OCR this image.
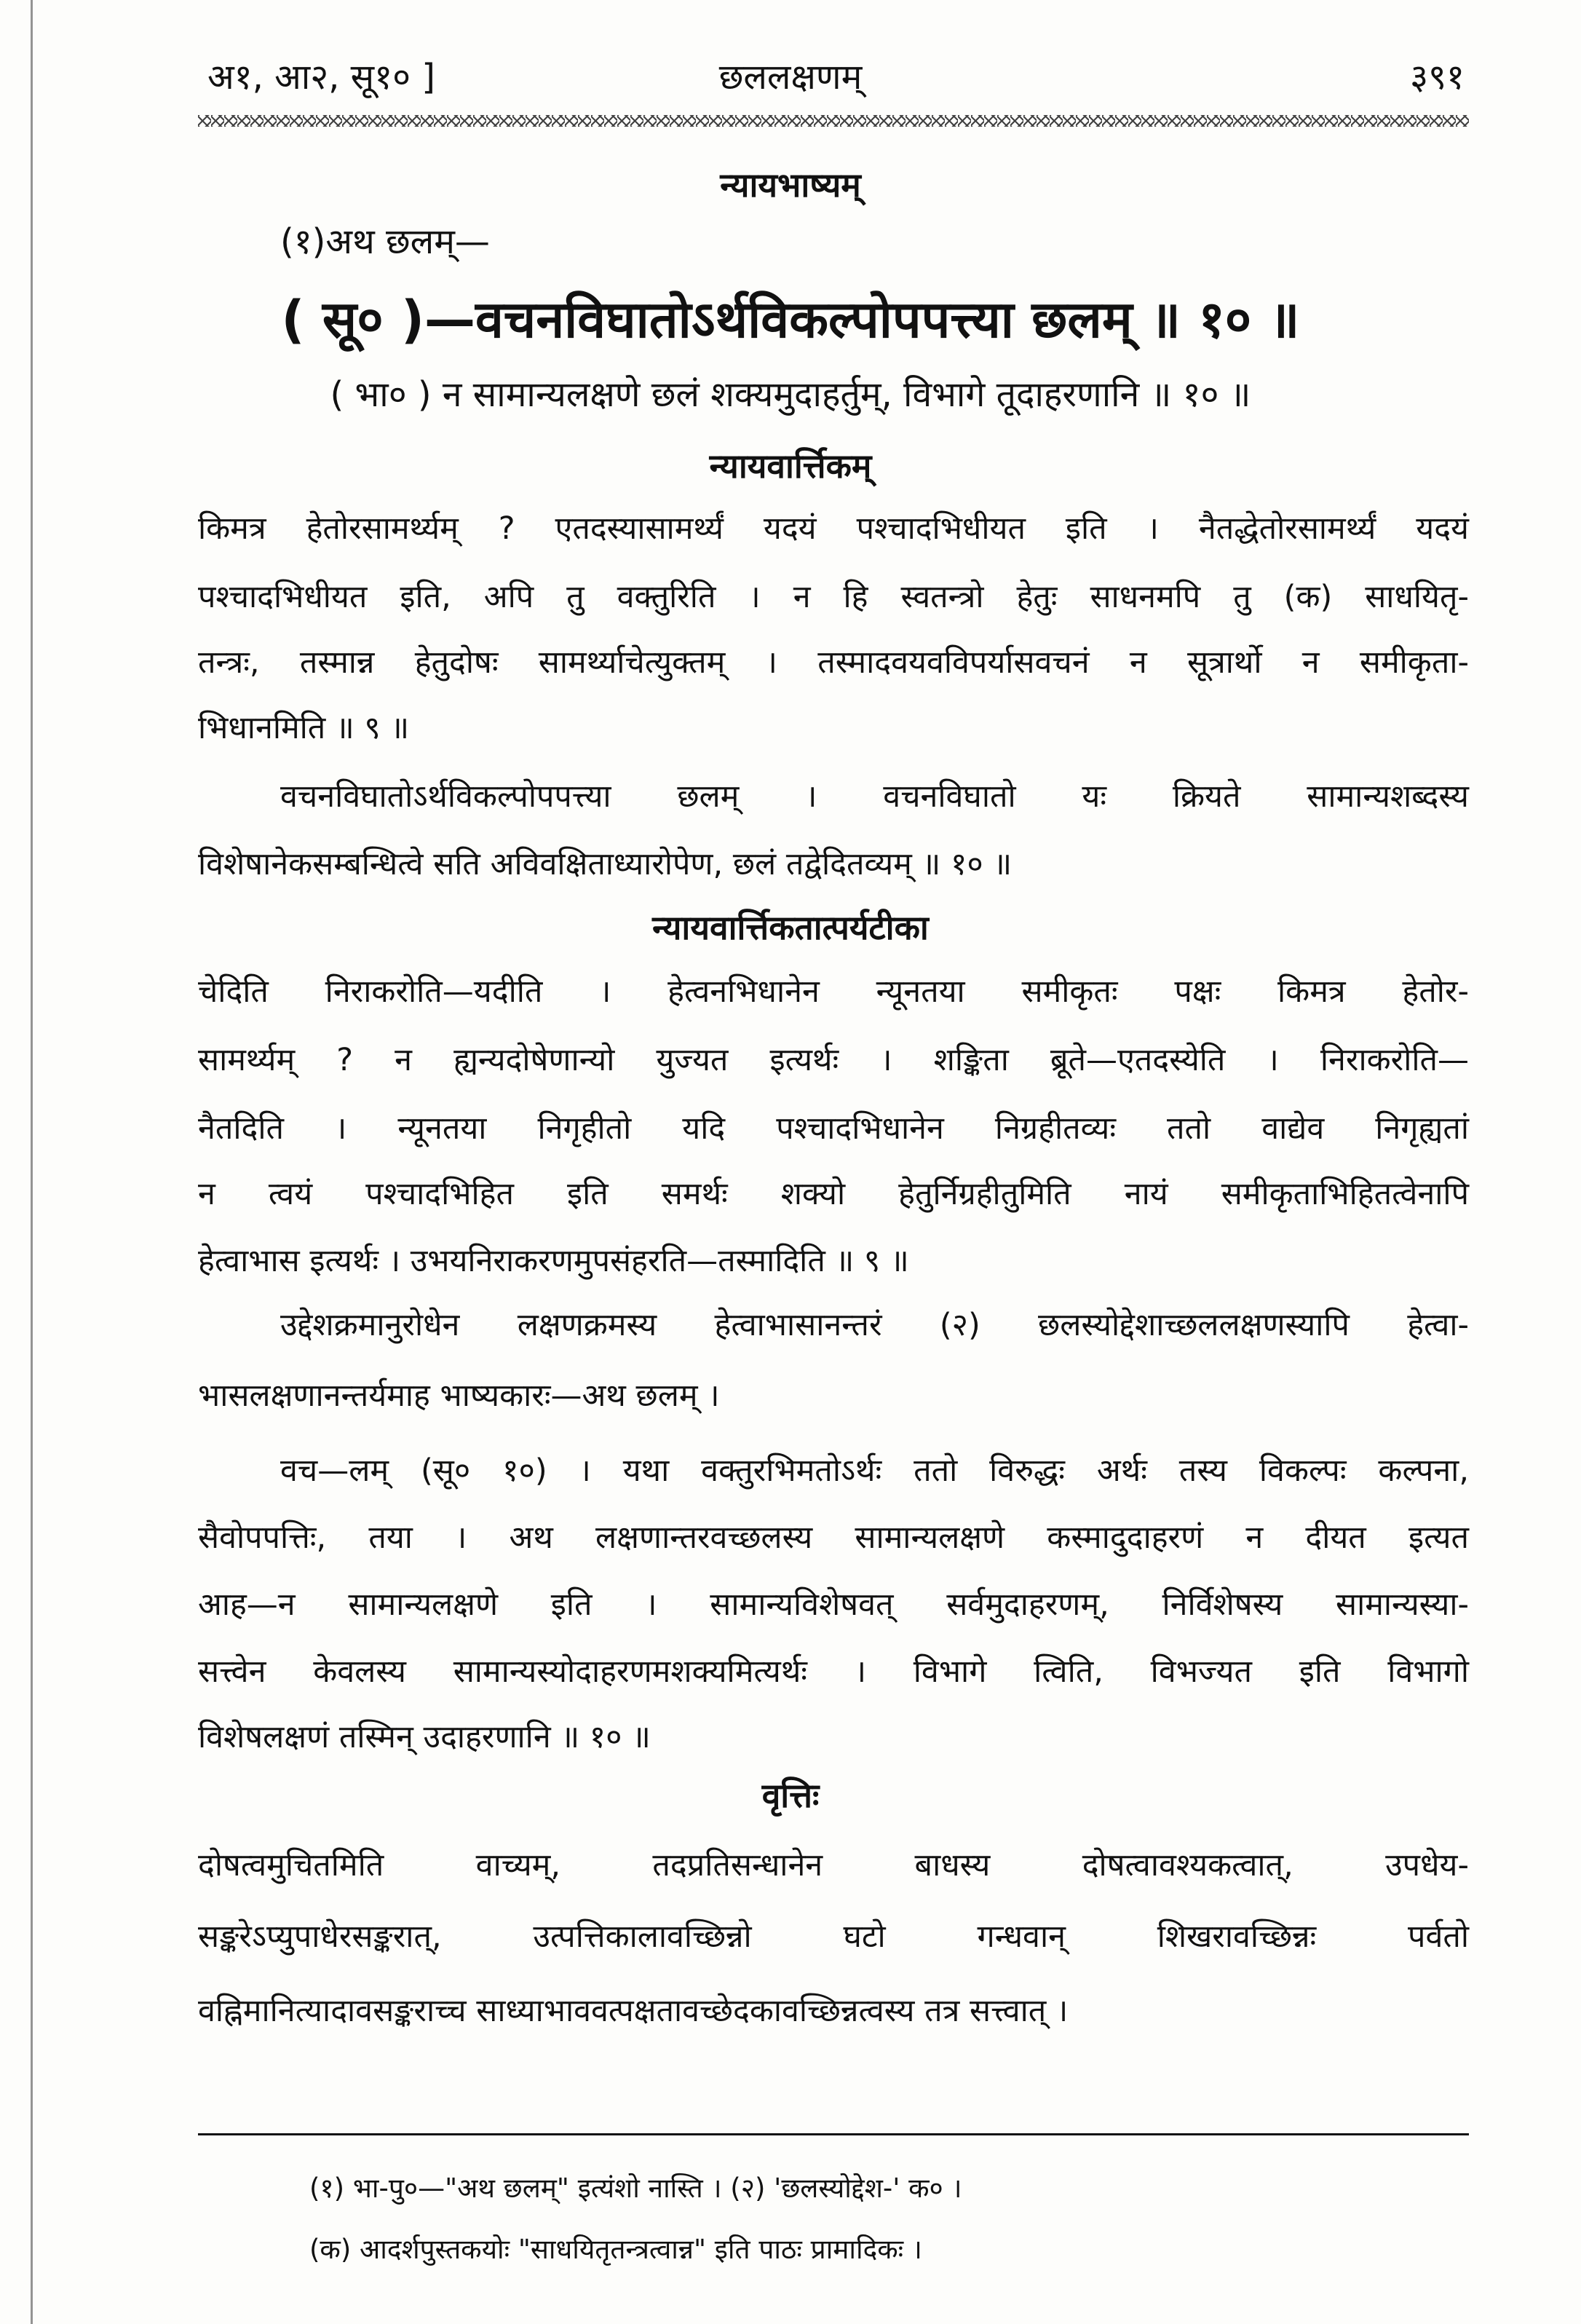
अ१, आ२, सू१० ]	छललक्षणम्	३९१
न्यायभाष्यम्
(१)अथ छलम्—
( सू० )—वचनविघातोऽर्थविकल्पोपपत्त्या छलम् ॥ १० ॥
( भा० ) न सामान्यलक्षणे छलं शक्यमुदाहर्तुम्, विभागे तूदाहरणानि ॥ १० ॥
न्यायवार्त्तिकम्
किमत्र हेतोरसामर्थ्यम् ? एतदस्यासामर्थ्यं यदयं पश्चादभिधीयत इति । नैतद्धेतोरसामर्थ्यं यदयं
पश्चादभिधीयत इति, अपि तु वक्तुरिति । न हि स्वतन्त्रो हेतुः साधनमपि तु (क) साधयितृ-
तन्त्रः, तस्मान्न हेतुदोषः सामर्थ्याचेत्युक्तम् । तस्मादवयवविपर्यासवचनं न सूत्रार्थो न समीकृता-
भिधानमिति ॥ ९ ॥
वचनविघातोऽर्थविकल्पोपपत्त्या छलम् । वचनविघातो यः क्रियते सामान्यशब्दस्य
विशेषानेकसम्बन्धित्वे सति अविवक्षिताध्यारोपेण, छलं तद्वेदितव्यम् ॥ १० ॥
न्यायवार्त्तिकतात्पर्यटीका
चेदिति निराकरोति—यदीति । हेत्वनभिधानेन न्यूनतया समीकृतः पक्षः किमत्र हेतोर-
सामर्थ्यम् ? न ह्यन्यदोषेणान्यो युज्यत इत्यर्थः । शङ्किता ब्रूते—एतदस्येति । निराकरोति—
नैतदिति । न्यूनतया निगृहीतो यदि पश्चादभिधानेन निग्रहीतव्यः ततो वाद्येव निगृह्यतां
न त्वयं पश्चादभिहित इति समर्थः शक्यो हेतुर्निग्रहीतुमिति नायं समीकृताभिहितत्वेनापि
हेत्वाभास इत्यर्थः । उभयनिराकरणमुपसंहरति—तस्मादिति ॥ ९ ॥
उद्देशक्रमानुरोधेन लक्षणक्रमस्य हेत्वाभासानन्तरं (२) छलस्योद्देशाच्छललक्षणस्यापि हेत्वा-
भासलक्षणानन्तर्यमाह भाष्यकारः—अथ छलम् ।
वच—लम् (सू० १०) । यथा वक्तुरभिमतोऽर्थः ततो विरुद्धः अर्थः तस्य विकल्पः कल्पना,
सैवोपपत्तिः, तया । अथ लक्षणान्तरवच्छलस्य सामान्यलक्षणे कस्मादुदाहरणं न दीयत इत्यत
आह—न सामान्यलक्षणे इति । सामान्यविशेषवत् सर्वमुदाहरणम्, निर्विशेषस्य सामान्यस्या-
सत्त्वेन केवलस्य सामान्यस्योदाहरणमशक्यमित्यर्थः । विभागे त्विति, विभज्यत इति विभागो
विशेषलक्षणं तस्मिन् उदाहरणानि ॥ १० ॥
वृत्तिः
दोषत्वमुचितमिति वाच्यम्, तदप्रतिसन्धानेन बाधस्य दोषत्वावश्यकत्वात्, उपधेय-
सङ्करेऽप्युपाधेरसङ्करात्, उत्पत्तिकालावच्छिन्नो घटो गन्धवान् शिखरावच्छिन्नः पर्वतो
वह्निमानित्यादावसङ्कराच्च साध्याभाववत्पक्षतावच्छेदकावच्छिन्नत्वस्य तत्र सत्त्वात् ।
(१) भा-पु०—"अथ छलम्" इत्यंशो नास्ति । (२) 'छलस्योद्देश-' क० ।
(क) आदर्शपुस्तकयोः "साधयितृतन्त्रत्वान्न" इति पाठः प्रामादिकः ।
